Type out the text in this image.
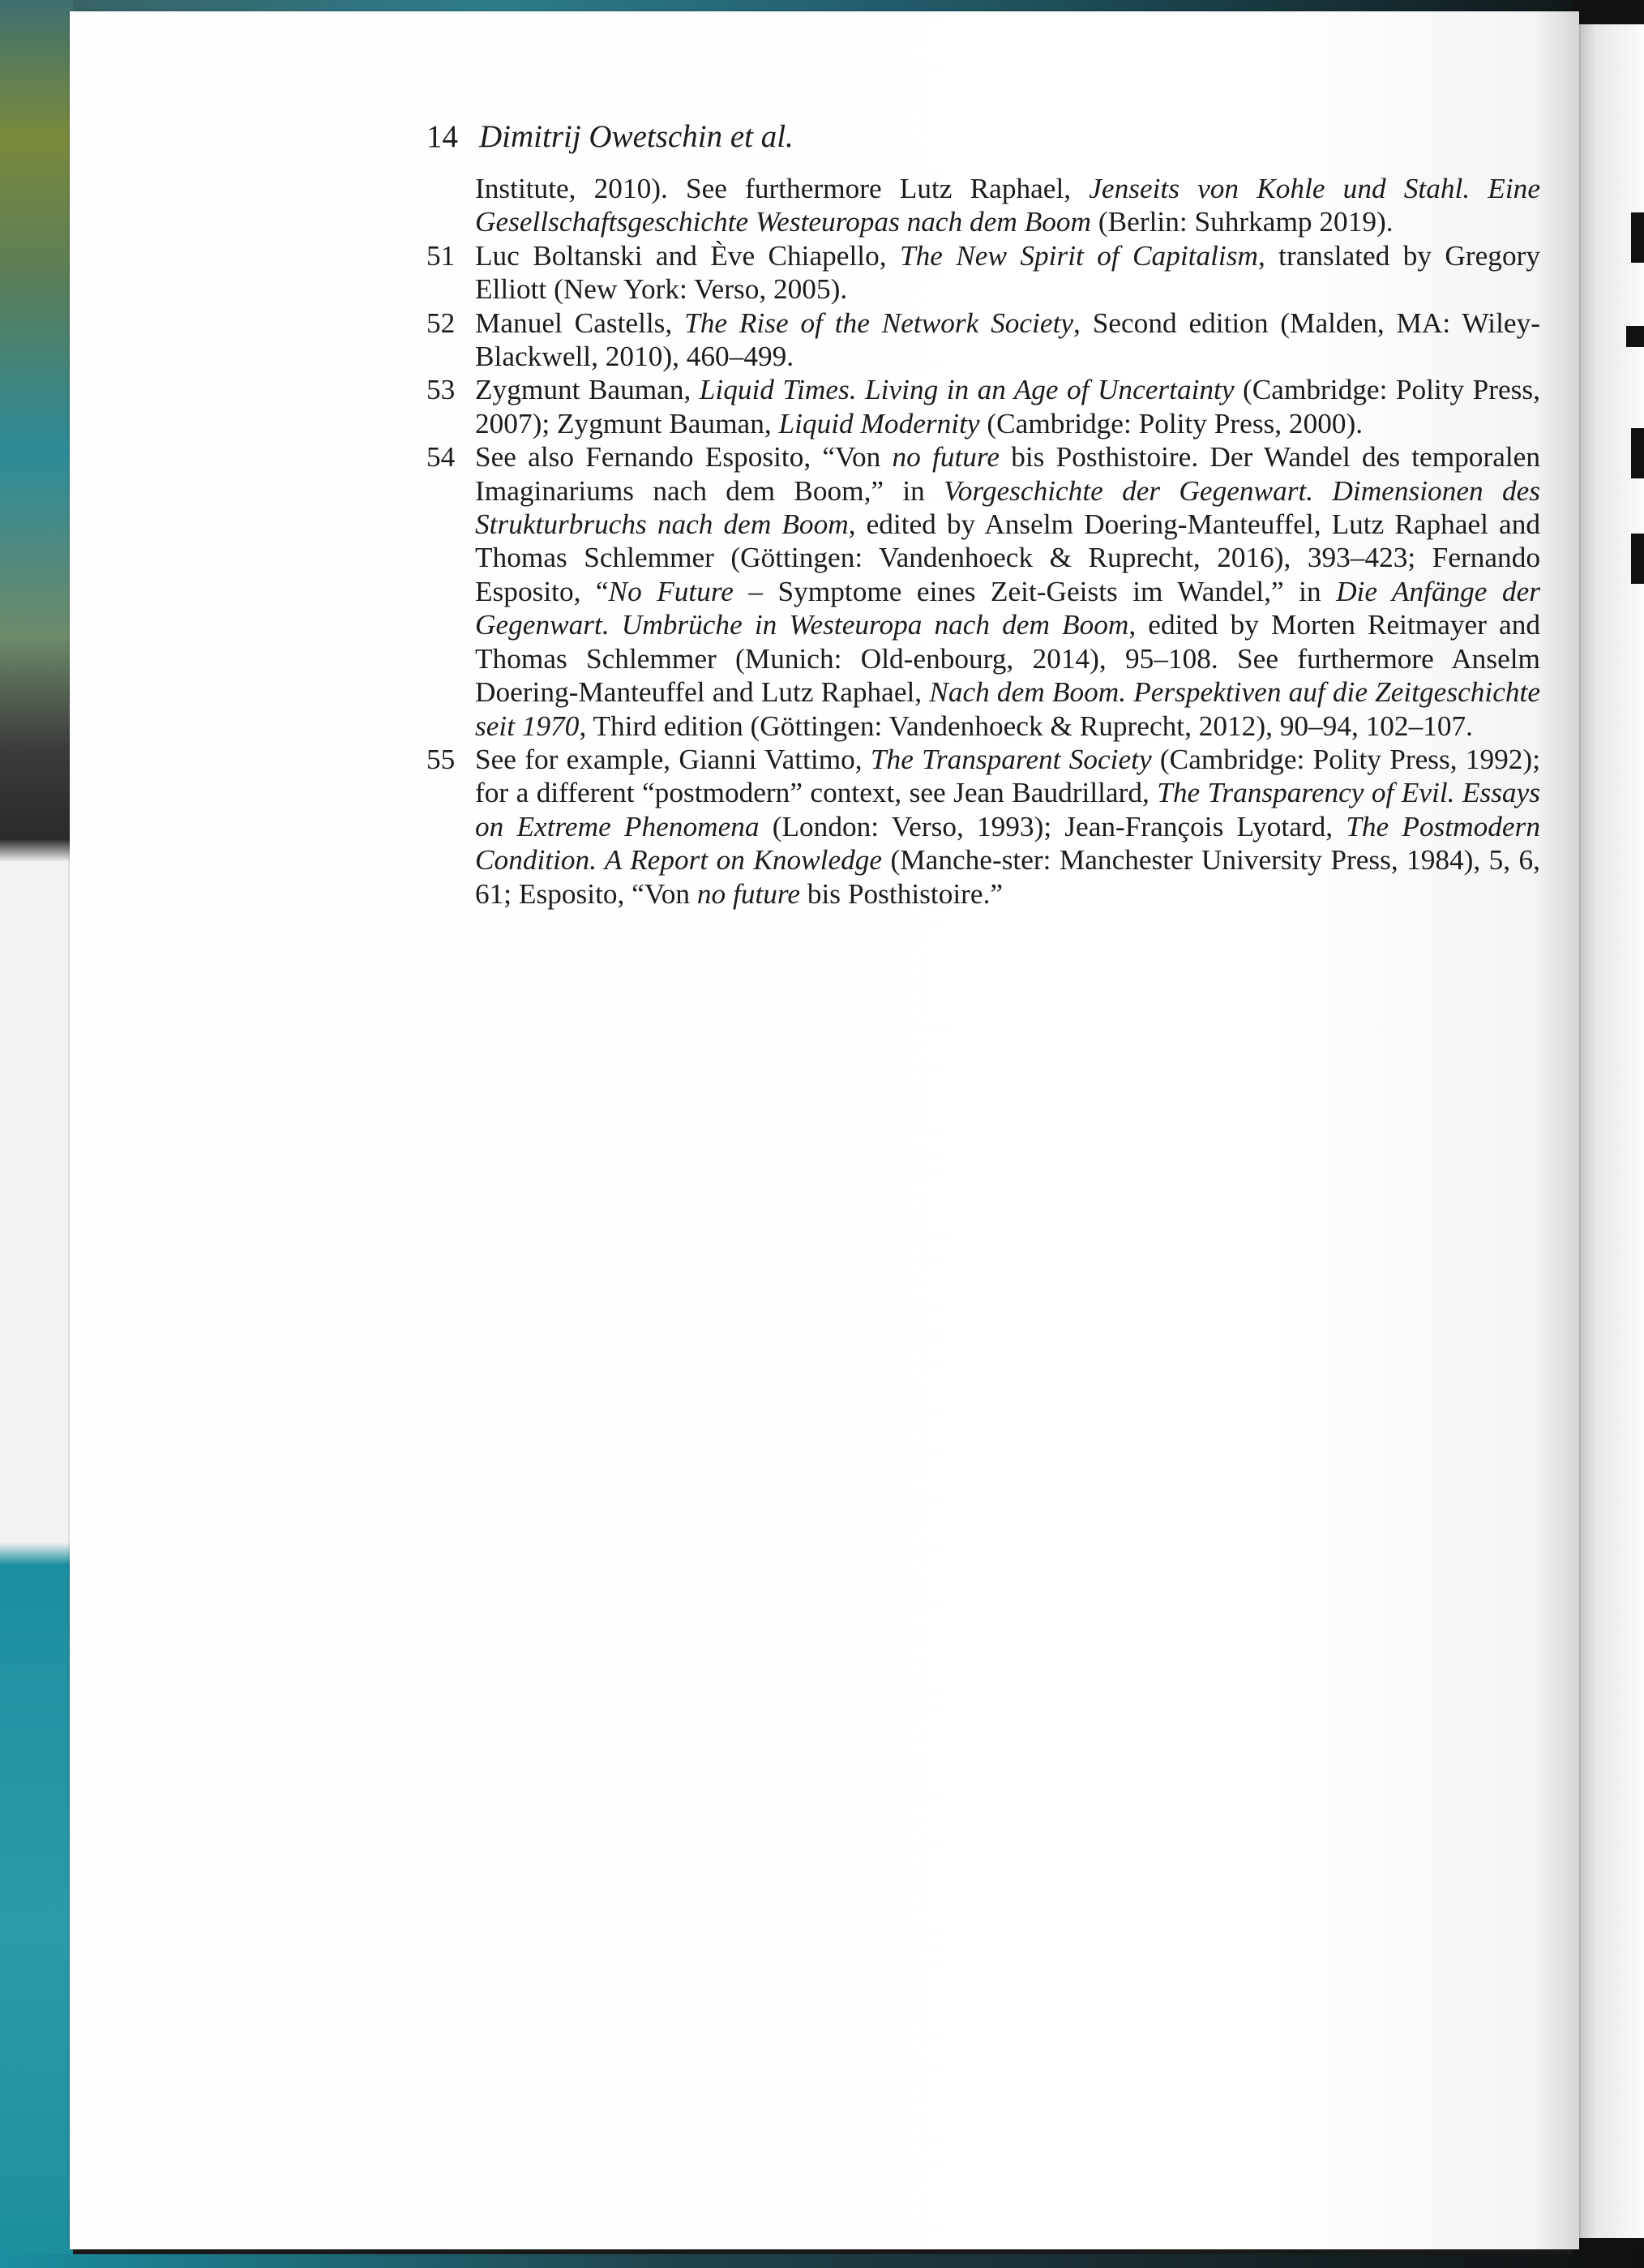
14 Dimitrij Owetschin et al.
Institute, 2010). See furthermore Lutz Raphael, Jenseits von Kohle und Stahl. Eine Gesellschaftsgeschichte Westeuropas nach dem Boom (Berlin: Suhrkamp 2019).
51 Luc Boltanski and Ève Chiapello, The New Spirit of Capitalism, translated by Gregory Elliott (New York: Verso, 2005).
52 Manuel Castells, The Rise of the Network Society, Second edition (Malden, MA: Wiley-Blackwell, 2010), 460–499.
53 Zygmunt Bauman, Liquid Times. Living in an Age of Uncertainty (Cambridge: Polity Press, 2007); Zygmunt Bauman, Liquid Modernity (Cambridge: Polity Press, 2000).
54 See also Fernando Esposito, “Von no future bis Posthistoire. Der Wandel des temporalen Imaginariums nach dem Boom,” in Vorgeschichte der Gegenwart. Dimensionen des Strukturbruchs nach dem Boom, edited by Anselm Doering-Manteuffel, Lutz Raphael and Thomas Schlemmer (Göttingen: Vandenhoeck & Ruprecht, 2016), 393–423; Fernando Esposito, “No Future – Symptome eines Zeit-Geists im Wandel,” in Die Anfänge der Gegenwart. Umbrüche in Westeuropa nach dem Boom, edited by Morten Reitmayer and Thomas Schlemmer (Munich: Old-enbourg, 2014), 95–108. See furthermore Anselm Doering-Manteuffel and Lutz Raphael, Nach dem Boom. Perspektiven auf die Zeitgeschichte seit 1970, Third edition (Göttingen: Vandenhoeck & Ruprecht, 2012), 90–94, 102–107.
55 See for example, Gianni Vattimo, The Transparent Society (Cambridge: Polity Press, 1992); for a different “postmodern” context, see Jean Baudrillard, The Transparency of Evil. Essays on Extreme Phenomena (London: Verso, 1993); Jean-François Lyotard, The Postmodern Condition. A Report on Knowledge (Manche-ster: Manchester University Press, 1984), 5, 6, 61; Esposito, “Von no future bis Posthistoire.”
